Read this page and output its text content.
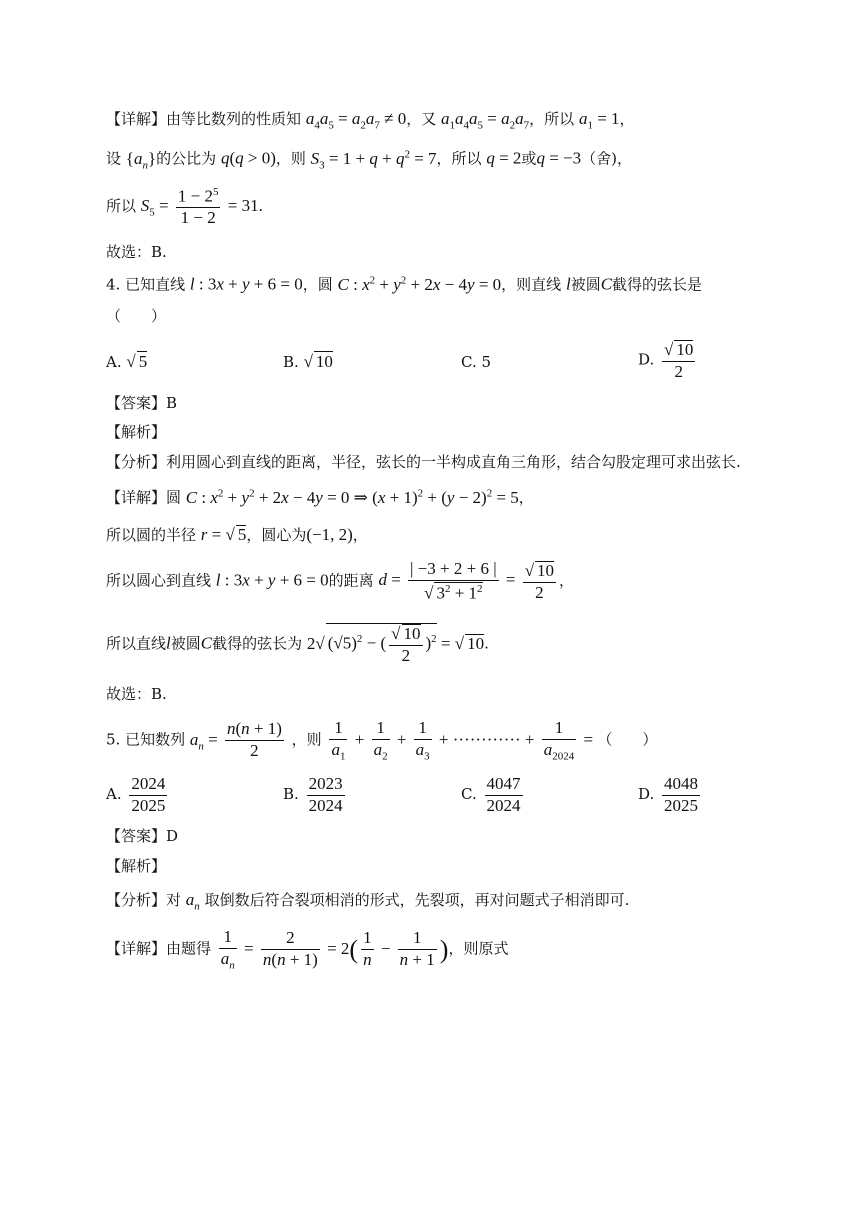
【详解】由等比数列的性质知 $a_4a_5 = a_2a_7 \ne 0$，又 $a_1a_4a_5 = a_2a_7$，所以 $a_1 = 1$，
设 $\{a_n\}$的公比为 q(q > 0)，则 $S_3 = 1 + q + q^2 = 7$，所以 q = 2或q = −3（舍)，
所以 $S_5 = \frac{1 - 2^5}{1 - 2} = 31$.
故选：B.
4. 已知直线 l : 3x + y + 6 = 0，圆 C : $x^2 + y^2 + 2x - 4y = 0$，则直线 l被圆C截得的弦长是
（　　）
A. √ 5	B. √ 10	C. 5	D. $\frac{√ 10}{2}$
【答案】B
【解析】
【分析】利用圆心到直线的距离，半径，弦长的一半构成直角三角形，结合勾股定理可求出弦长.
【详解】圆 C : $x^2 + y^2 + 2x - 4y = 0$ ⇒ $(x + 1)^2 + (y - 2)^2 = 5$，
所以圆的半径 r = √ 5，圆心为(−1, 2)，
所以圆心到直线 l : 3x + y + 6 = 0的距离 $d = \frac{| -3 + 2 + 6 |}{√ 3^2 + 1^2} = \frac{√ 10}{2}$ ，
所以直线l被圆C截得的弦长为 2√ $(√5)^2$ − ( $\frac{√ 10}{2} )^2$ = √ 10.
故选：B.
5. 已知数列 $a_n = \frac{n(n + 1)}{2}$ ，则 $\frac{1}{a_1} + \frac{1}{a_2} + \frac{1}{a_3}$ + ············ + $\frac{1}{a_{2024}}$ = （　　）
A. $\frac{2024}{2025}$	B. $\frac{2023}{2024}$	C. $\frac{4047}{2024}$	D. $\frac{4048}{2025}$
【答案】D
【解析】
【分析】对 $a_n$ 取倒数后符合裂项相消的形式，先裂项，再对问题式子相消即可.
【详解】由题得 $\frac{1}{a_n} = \frac{2}{n(n + 1)} = 2( \frac{1}{n} - \frac{1}{n + 1}$ )，则原式
